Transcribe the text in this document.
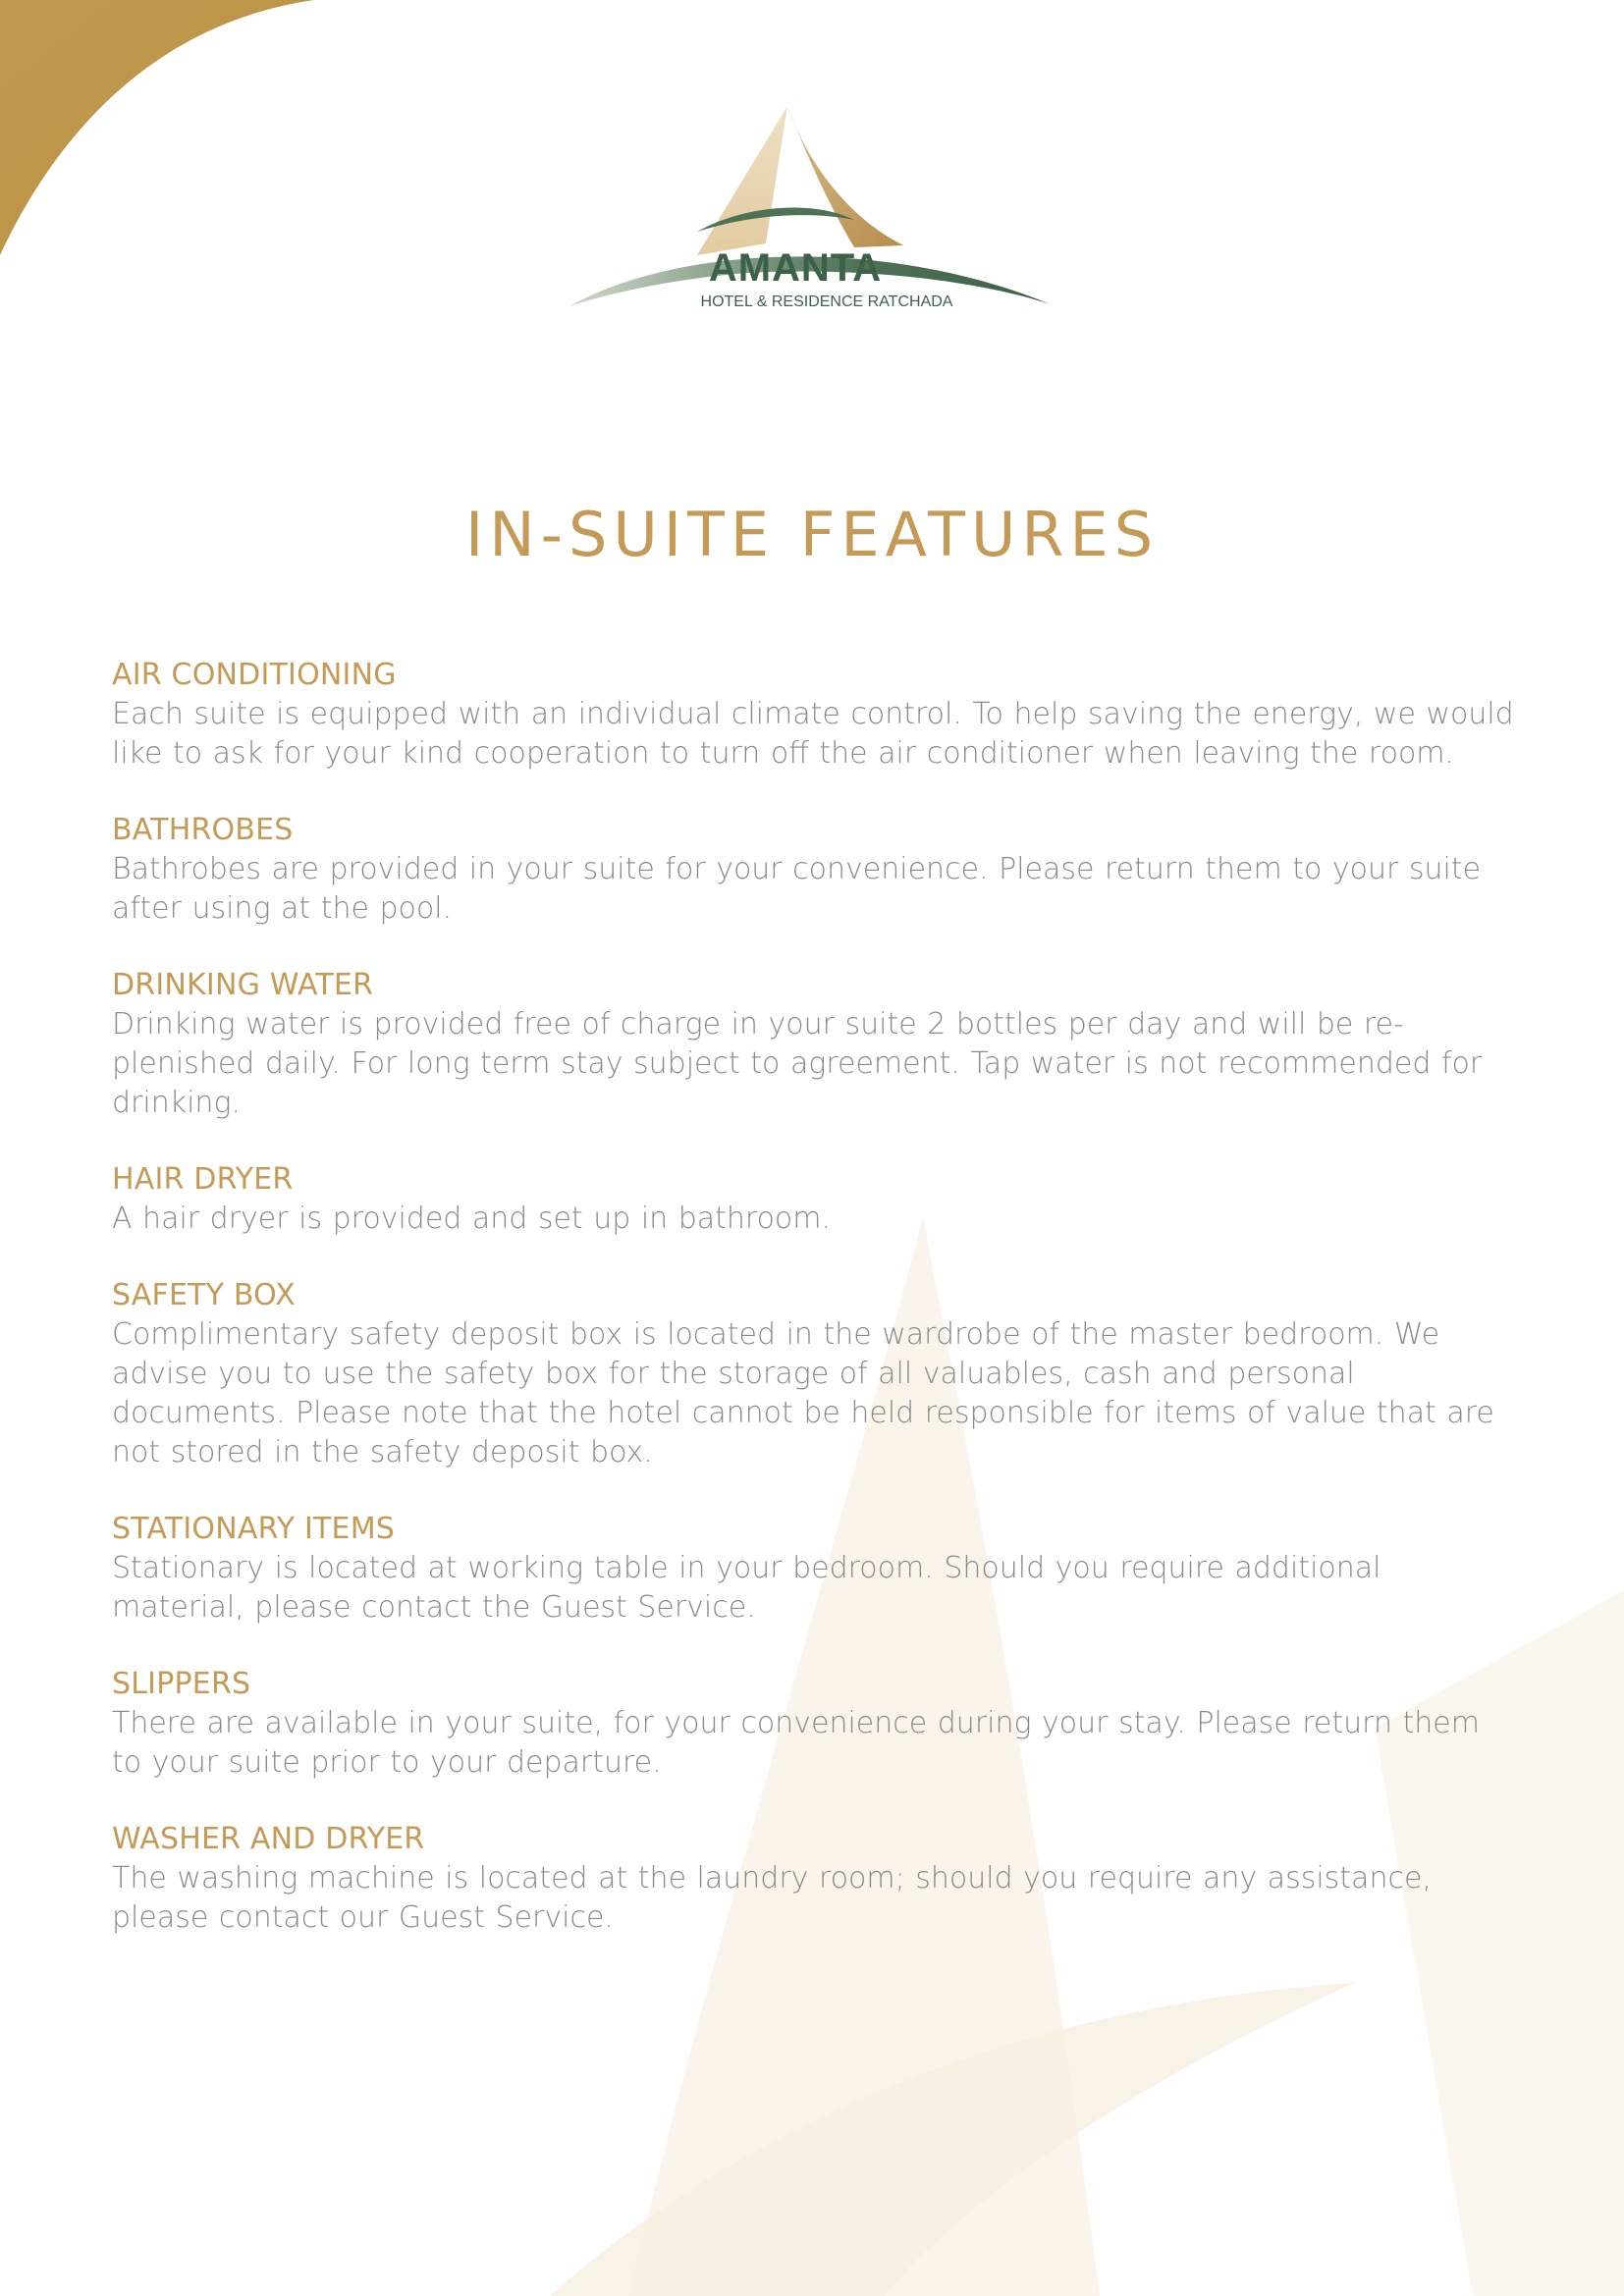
AMANTA
HOTEL & RESIDENCE RATCHADA
IN-SUITE FEATURES
AIR CONDITIONING

Each suite is equipped with an individual climate control. To help saving the energy, we would like to ask for your kind cooperation to turn off the air conditioner when leaving the room.

BATHROBES

Bathrobes are provided in your suite for your convenience. Please return them to your suite after using at the pool.

DRINKING WATER

Drinking water is provided free of charge in your suite 2 bottles per day and will be re-plenished daily. For long term stay subject to agreement. Tap water is not recommended for drinking.

HAIR DRYER

A hair dryer is provided and set up in bathroom.

SAFETY BOX

Complimentary safety deposit box is located in the wardrobe of the master bedroom. We advise you to use the safety box for the storage of all valuables, cash and personal documents. Please note that the hotel cannot be held responsible for items of value that are not stored in the safety deposit box.

STATIONARY ITEMS

Stationary is located at working table in your bedroom. Should you require additional material, please contact the Guest Service.

SLIPPERS

There are available in your suite, for your convenience during your stay. Please return them to your suite prior to your departure.

WASHER AND DRYER

The washing machine is located at the laundry room; should you require any assistance, please contact our Guest Service.
